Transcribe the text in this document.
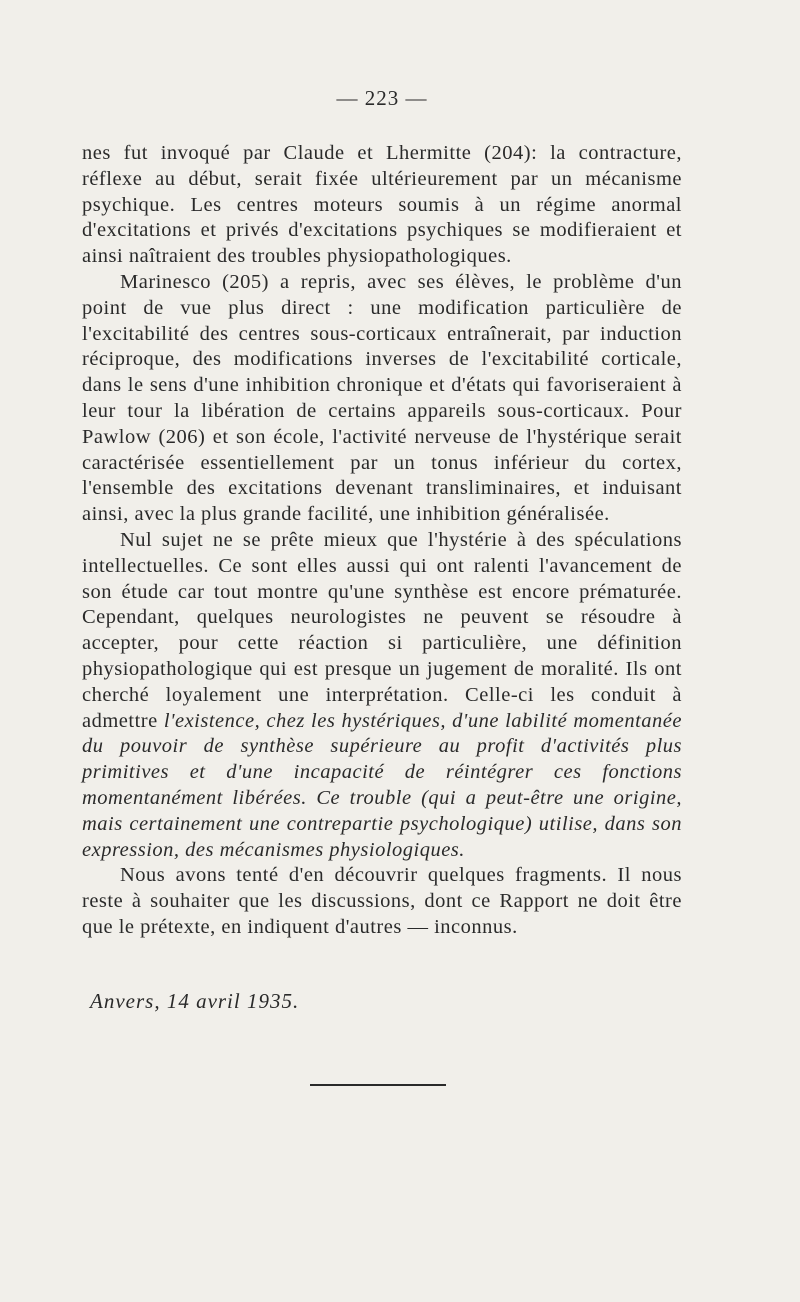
— 223 —

nes fut invoqué par Claude et Lhermitte (204): la contracture, réflexe au début, serait fixée ultérieurement par un mécanisme psychique. Les centres moteurs soumis à un régime anormal d'excitations et privés d'excitations psychiques se modifieraient et ainsi naîtraient des troubles physiopathologiques.

Marinesco (205) a repris, avec ses élèves, le problème d'un point de vue plus direct : une modification particulière de l'excitabilité des centres sous-corticaux entraînerait, par induction réciproque, des modifications inverses de l'excitabilité corticale, dans le sens d'une inhibition chronique et d'états qui favoriseraient à leur tour la libération de certains appareils sous-corticaux. Pour Pawlow (206) et son école, l'activité nerveuse de l'hystérique serait caractérisée essentiellement par un tonus inférieur du cortex, l'ensemble des excitations devenant transliminaires, et induisant ainsi, avec la plus grande facilité, une inhibition généralisée.

Nul sujet ne se prête mieux que l'hystérie à des spéculations intellectuelles. Ce sont elles aussi qui ont ralenti l'avancement de son étude car tout montre qu'une synthèse est encore prématurée. Cependant, quelques neurologistes ne peuvent se résoudre à accepter, pour cette réaction si particulière, une définition physiopathologique qui est presque un jugement de moralité. Ils ont cherché loyalement une interprétation. Celle-ci les conduit à admettre l'existence, chez les hystériques, d'une labilité momentanée du pouvoir de synthèse supérieure au profit d'activités plus primitives et d'une incapacité de réintégrer ces fonctions momentanément libérées. Ce trouble (qui a peut-être une origine, mais certainement une contrepartie psychologique) utilise, dans son expression, des mécanismes physiologiques.

Nous avons tenté d'en découvrir quelques fragments. Il nous reste à souhaiter que les discussions, dont ce Rapport ne doit être que le prétexte, en indiquent d'autres — inconnus.

Anvers, 14 avril 1935.
